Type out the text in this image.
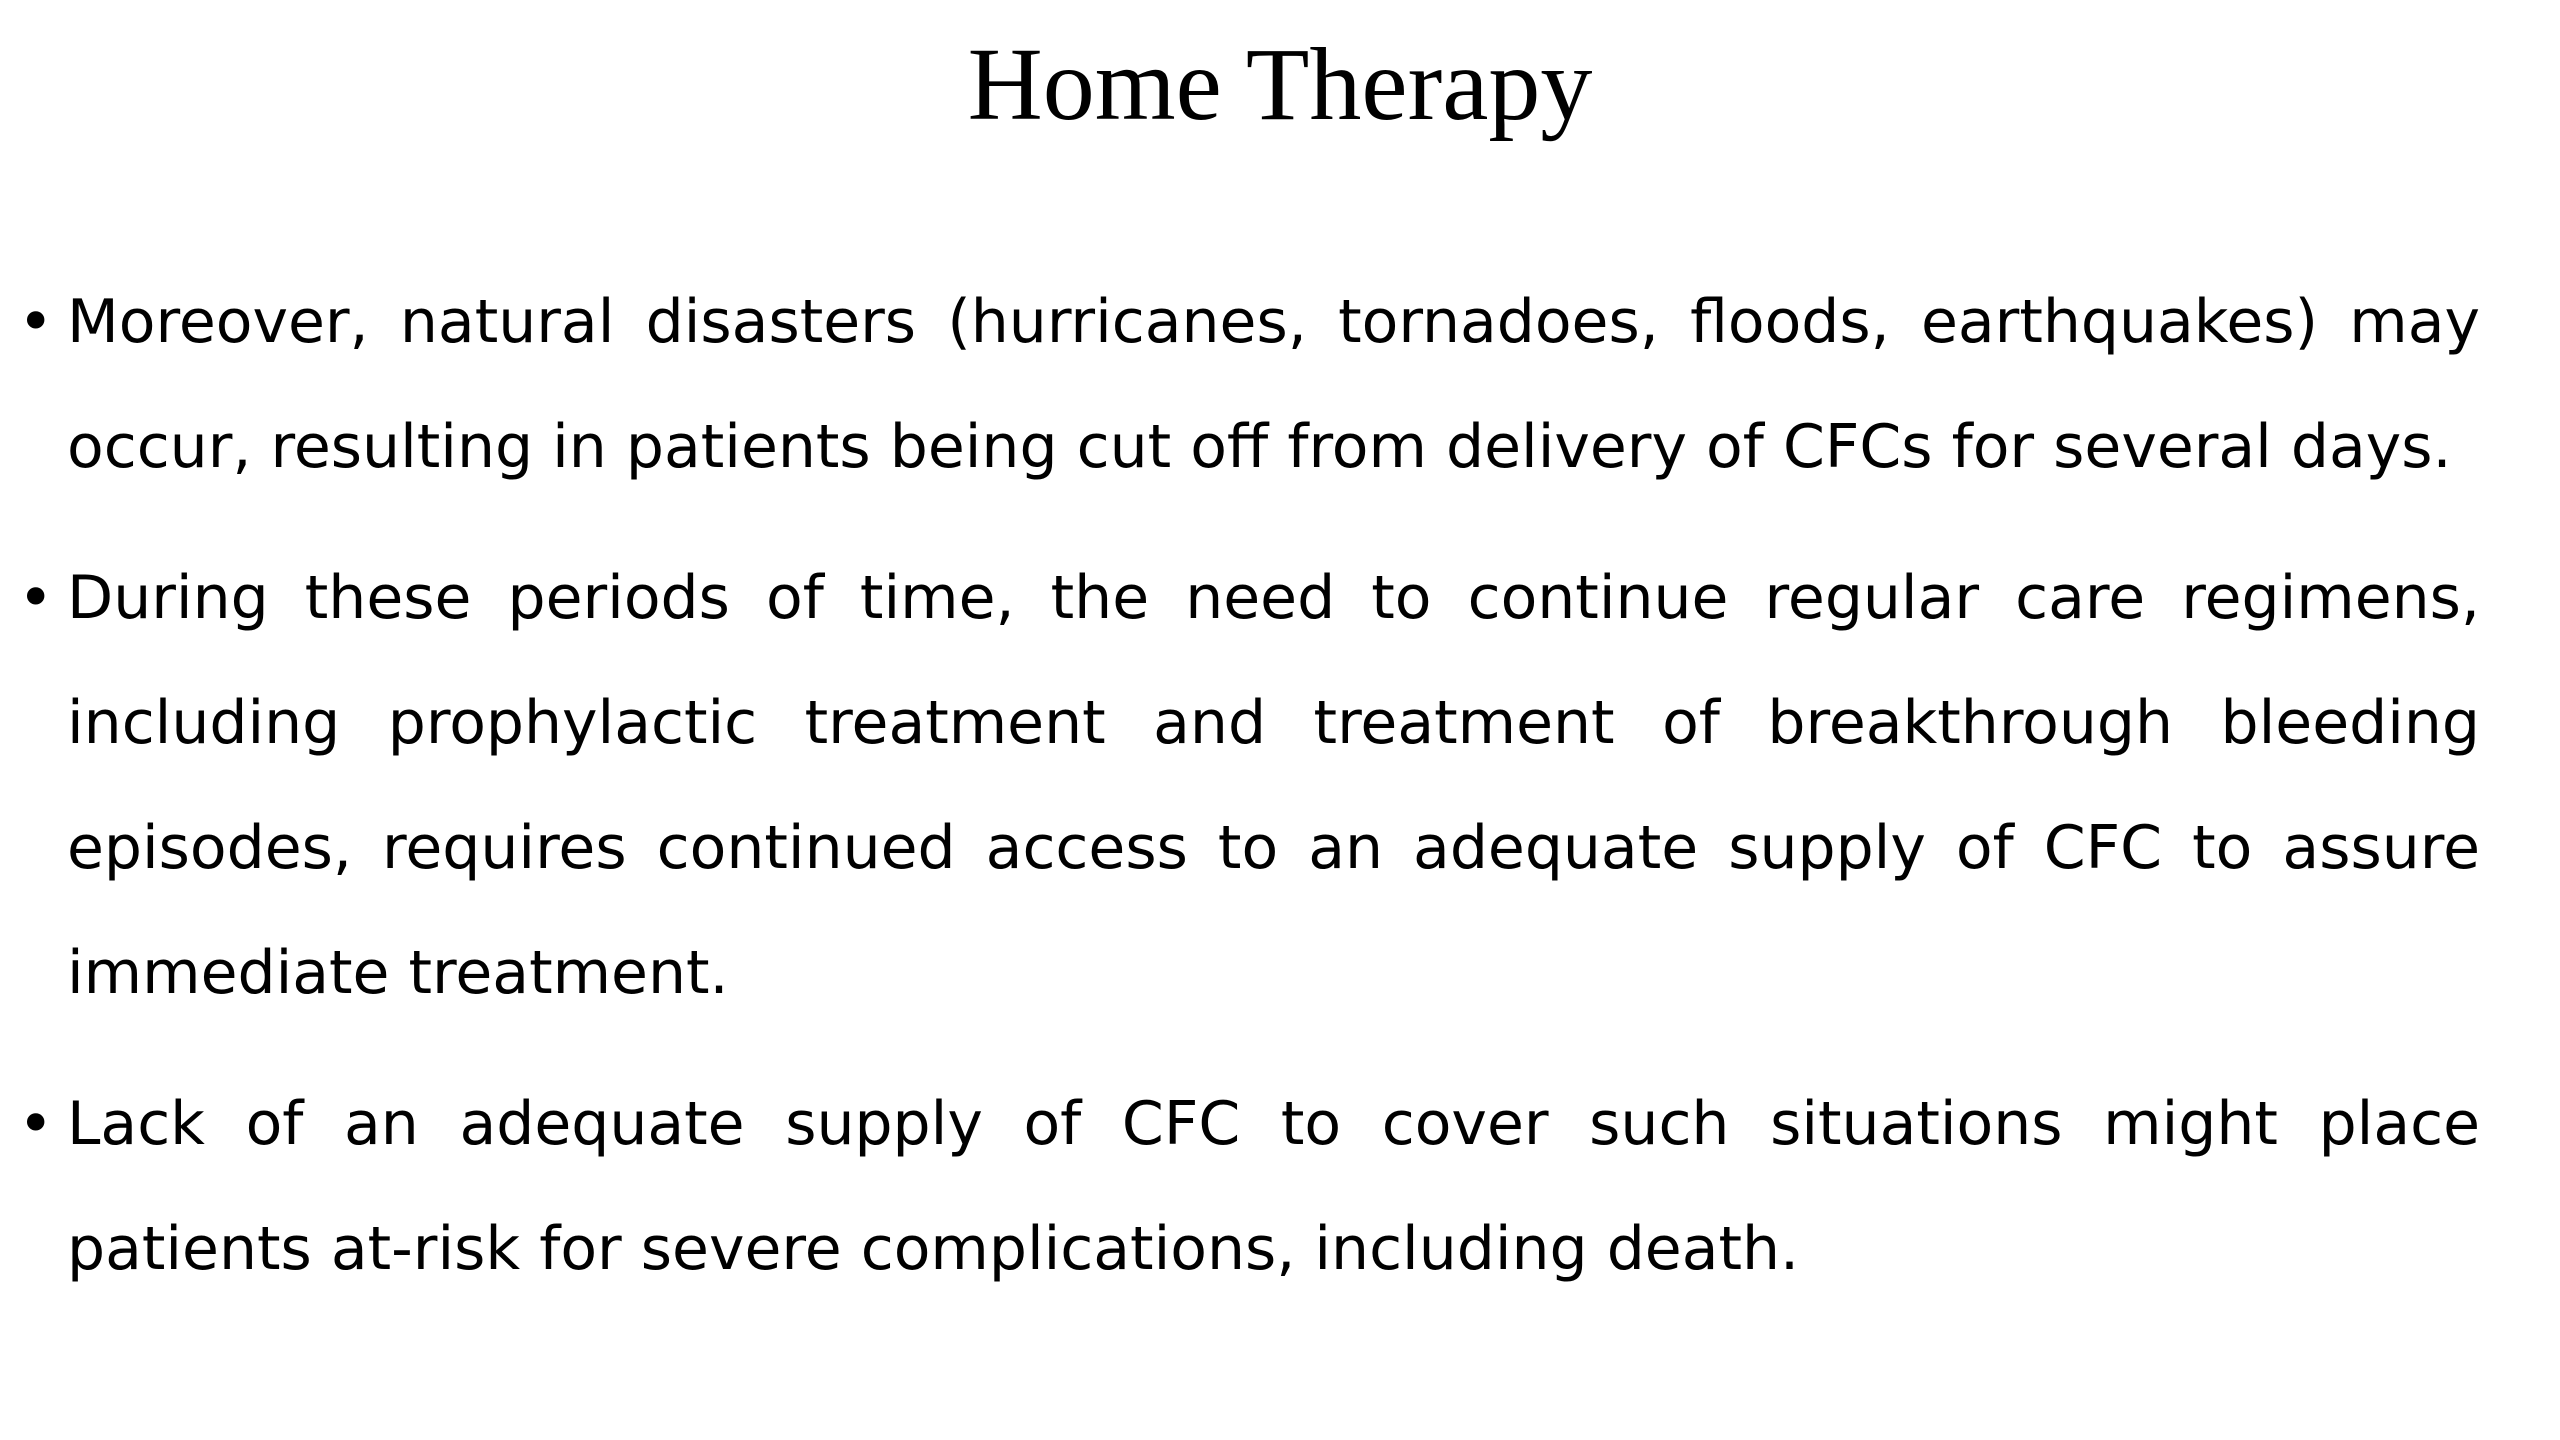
Home Therapy
• Moreover, natural disasters (hurricanes, tornadoes, floods, earthquakes) may occur, resulting in patients being cut off from delivery of CFCs for several days.
• During these periods of time, the need to continue regular care regimens, including prophylactic treatment and treatment of breakthrough bleeding episodes, requires continued access to an adequate supply of CFC to assure immediate treatment.
• Lack of an adequate supply of CFC to cover such situations might place patients at-risk for severe complications, including death.
